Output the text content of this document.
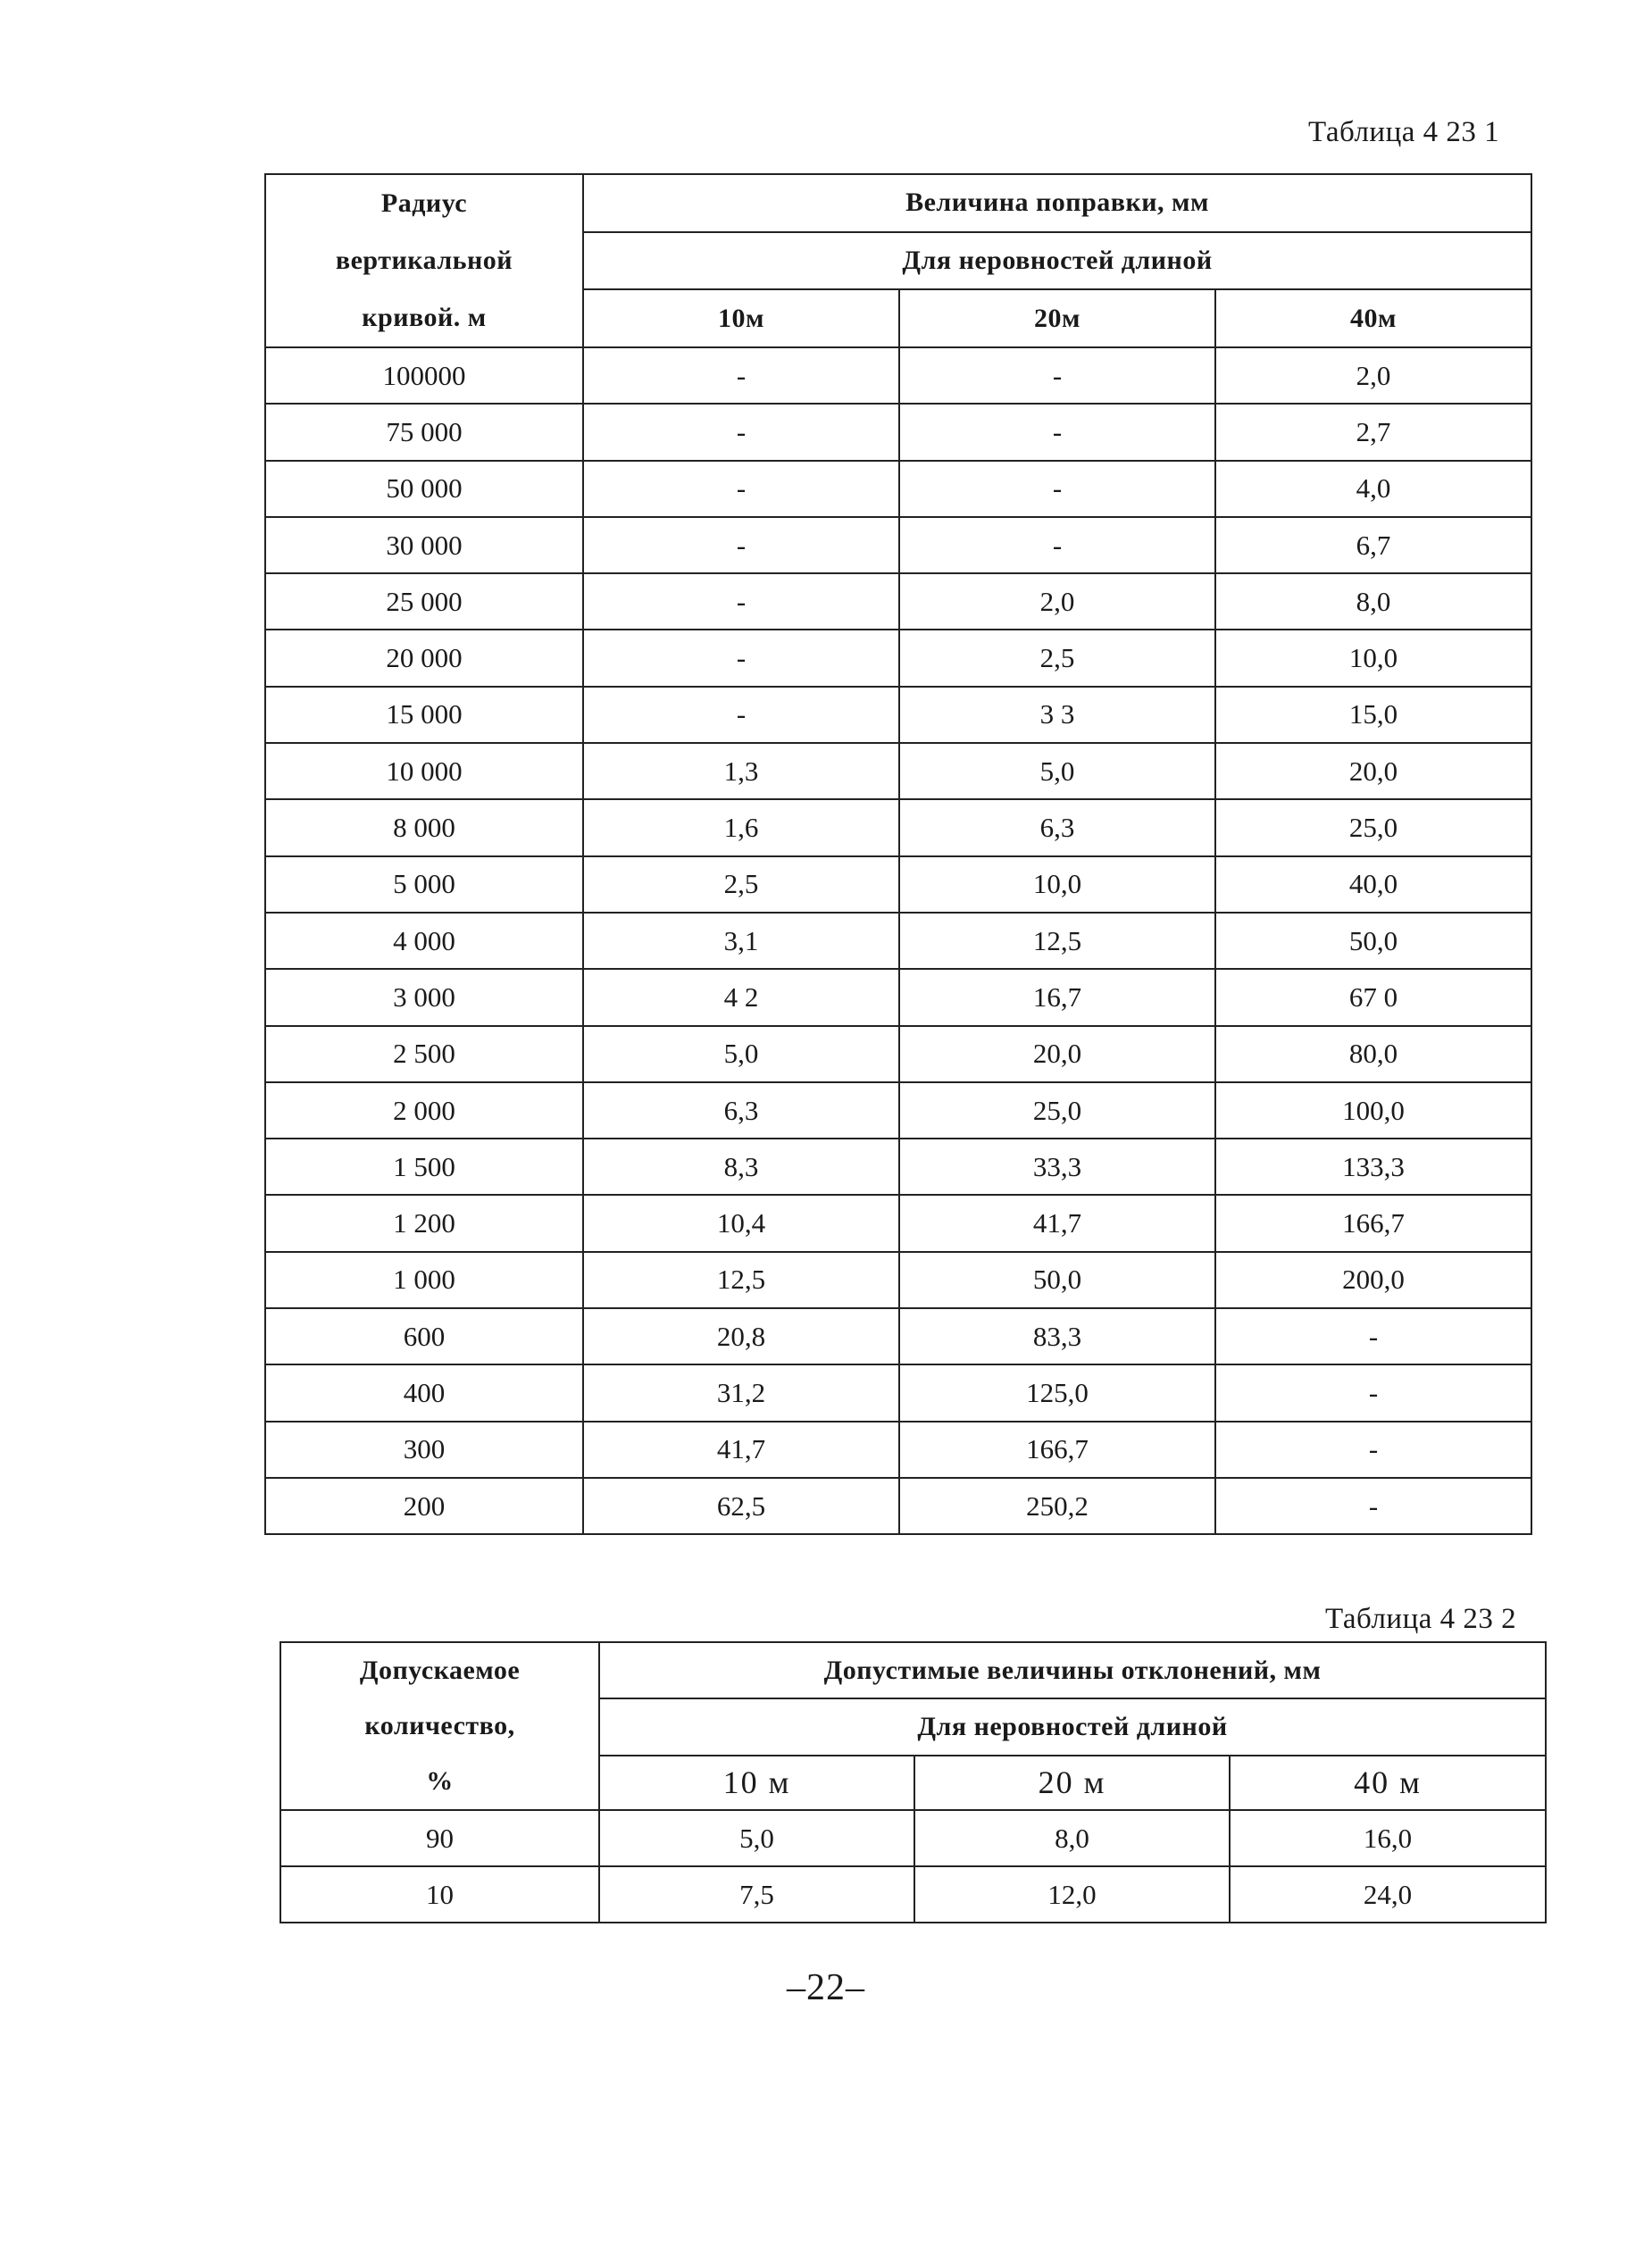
Таблица 4 23 1
Радиус
вертикальной
кривой. м	Величина поправки, мм		
	Для неровностей длиной		
	10м	20м	40м
100000	-	-	2,0
75 000	-	-	2,7
50 000	-	-	4,0
30 000	-	-	6,7
25 000	-	2,0	8,0
20 000	-	2,5	10,0
15 000	-	3 3	15,0
10 000	1,3	5,0	20,0
8 000	1,6	6,3	25,0
5 000	2,5	10,0	40,0
4 000	3,1	12,5	50,0
3 000	4 2	16,7	67 0
2 500	5,0	20,0	80,0
2 000	6,3	25,0	100,0
1 500	8,3	33,3	133,3
1 200	10,4	41,7	166,7
1 000	12,5	50,0	200,0
600	20,8	83,3	-
400	31,2	125,0	-
300	41,7	166,7	-
200	62,5	250,2	-
Таблица 4 23 2
Допускаемое
количество,
%	Допустимые величины отклонений, мм		
	Для неровностей длиной		
	10 м	20 м	40 м
90	5,0	8,0	16,0
10	7,5	12,0	24,0
–22–
